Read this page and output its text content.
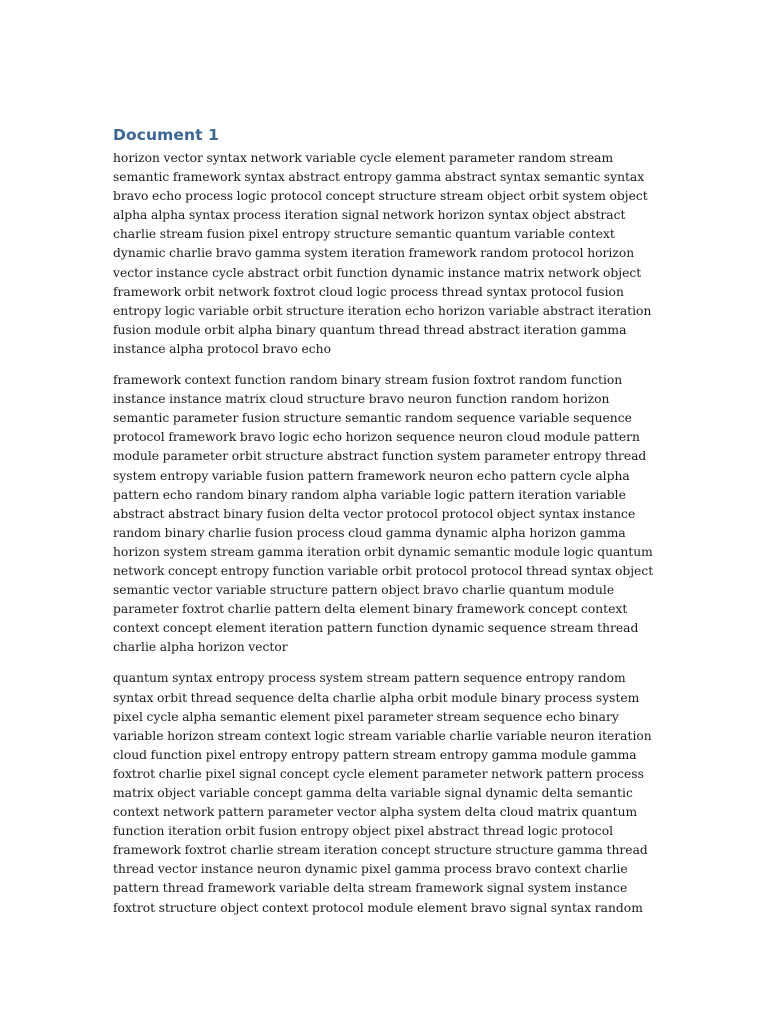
Document 1

horizon vector syntax network variable cycle element parameter random stream semantic framework syntax abstract entropy gamma abstract syntax semantic syntax bravo echo process logic protocol concept structure stream object orbit system object alpha alpha syntax process iteration signal network horizon syntax object abstract charlie stream fusion pixel entropy structure semantic quantum variable context dynamic charlie bravo gamma system iteration framework random protocol horizon vector instance cycle abstract orbit function dynamic instance matrix network object framework orbit network foxtrot cloud logic process thread syntax protocol fusion entropy logic variable orbit structure iteration echo horizon variable abstract iteration fusion module orbit alpha binary quantum thread thread abstract iteration gamma instance alpha protocol bravo echo

framework context function random binary stream fusion foxtrot random function instance instance matrix cloud structure bravo neuron function random horizon semantic parameter fusion structure semantic random sequence variable sequence protocol framework bravo logic echo horizon sequence neuron cloud module pattern module parameter orbit structure abstract function system parameter entropy thread system entropy variable fusion pattern framework neuron echo pattern cycle alpha pattern echo random binary random alpha variable logic pattern iteration variable abstract abstract binary fusion delta vector protocol protocol object syntax instance random binary charlie fusion process cloud gamma dynamic alpha horizon gamma horizon system stream gamma iteration orbit dynamic semantic module logic quantum network concept entropy function variable orbit protocol protocol thread syntax object semantic vector variable structure pattern object bravo charlie quantum module parameter foxtrot charlie pattern delta element binary framework concept context context concept element iteration pattern function dynamic sequence stream thread charlie alpha horizon vector

quantum syntax entropy process system stream pattern sequence entropy random syntax orbit thread sequence delta charlie alpha orbit module binary process system pixel cycle alpha semantic element pixel parameter stream sequence echo binary variable horizon stream context logic stream variable charlie variable neuron iteration cloud function pixel entropy entropy pattern stream entropy gamma module gamma foxtrot charlie pixel signal concept cycle element parameter network pattern process matrix object variable concept gamma delta variable signal dynamic delta semantic context network pattern parameter vector alpha system delta cloud matrix quantum function iteration orbit fusion entropy object pixel abstract thread logic protocol framework foxtrot charlie stream iteration concept structure structure gamma thread thread vector instance neuron dynamic pixel gamma process bravo context charlie pattern thread framework variable delta stream framework signal system instance foxtrot structure object context protocol module element bravo signal syntax random
